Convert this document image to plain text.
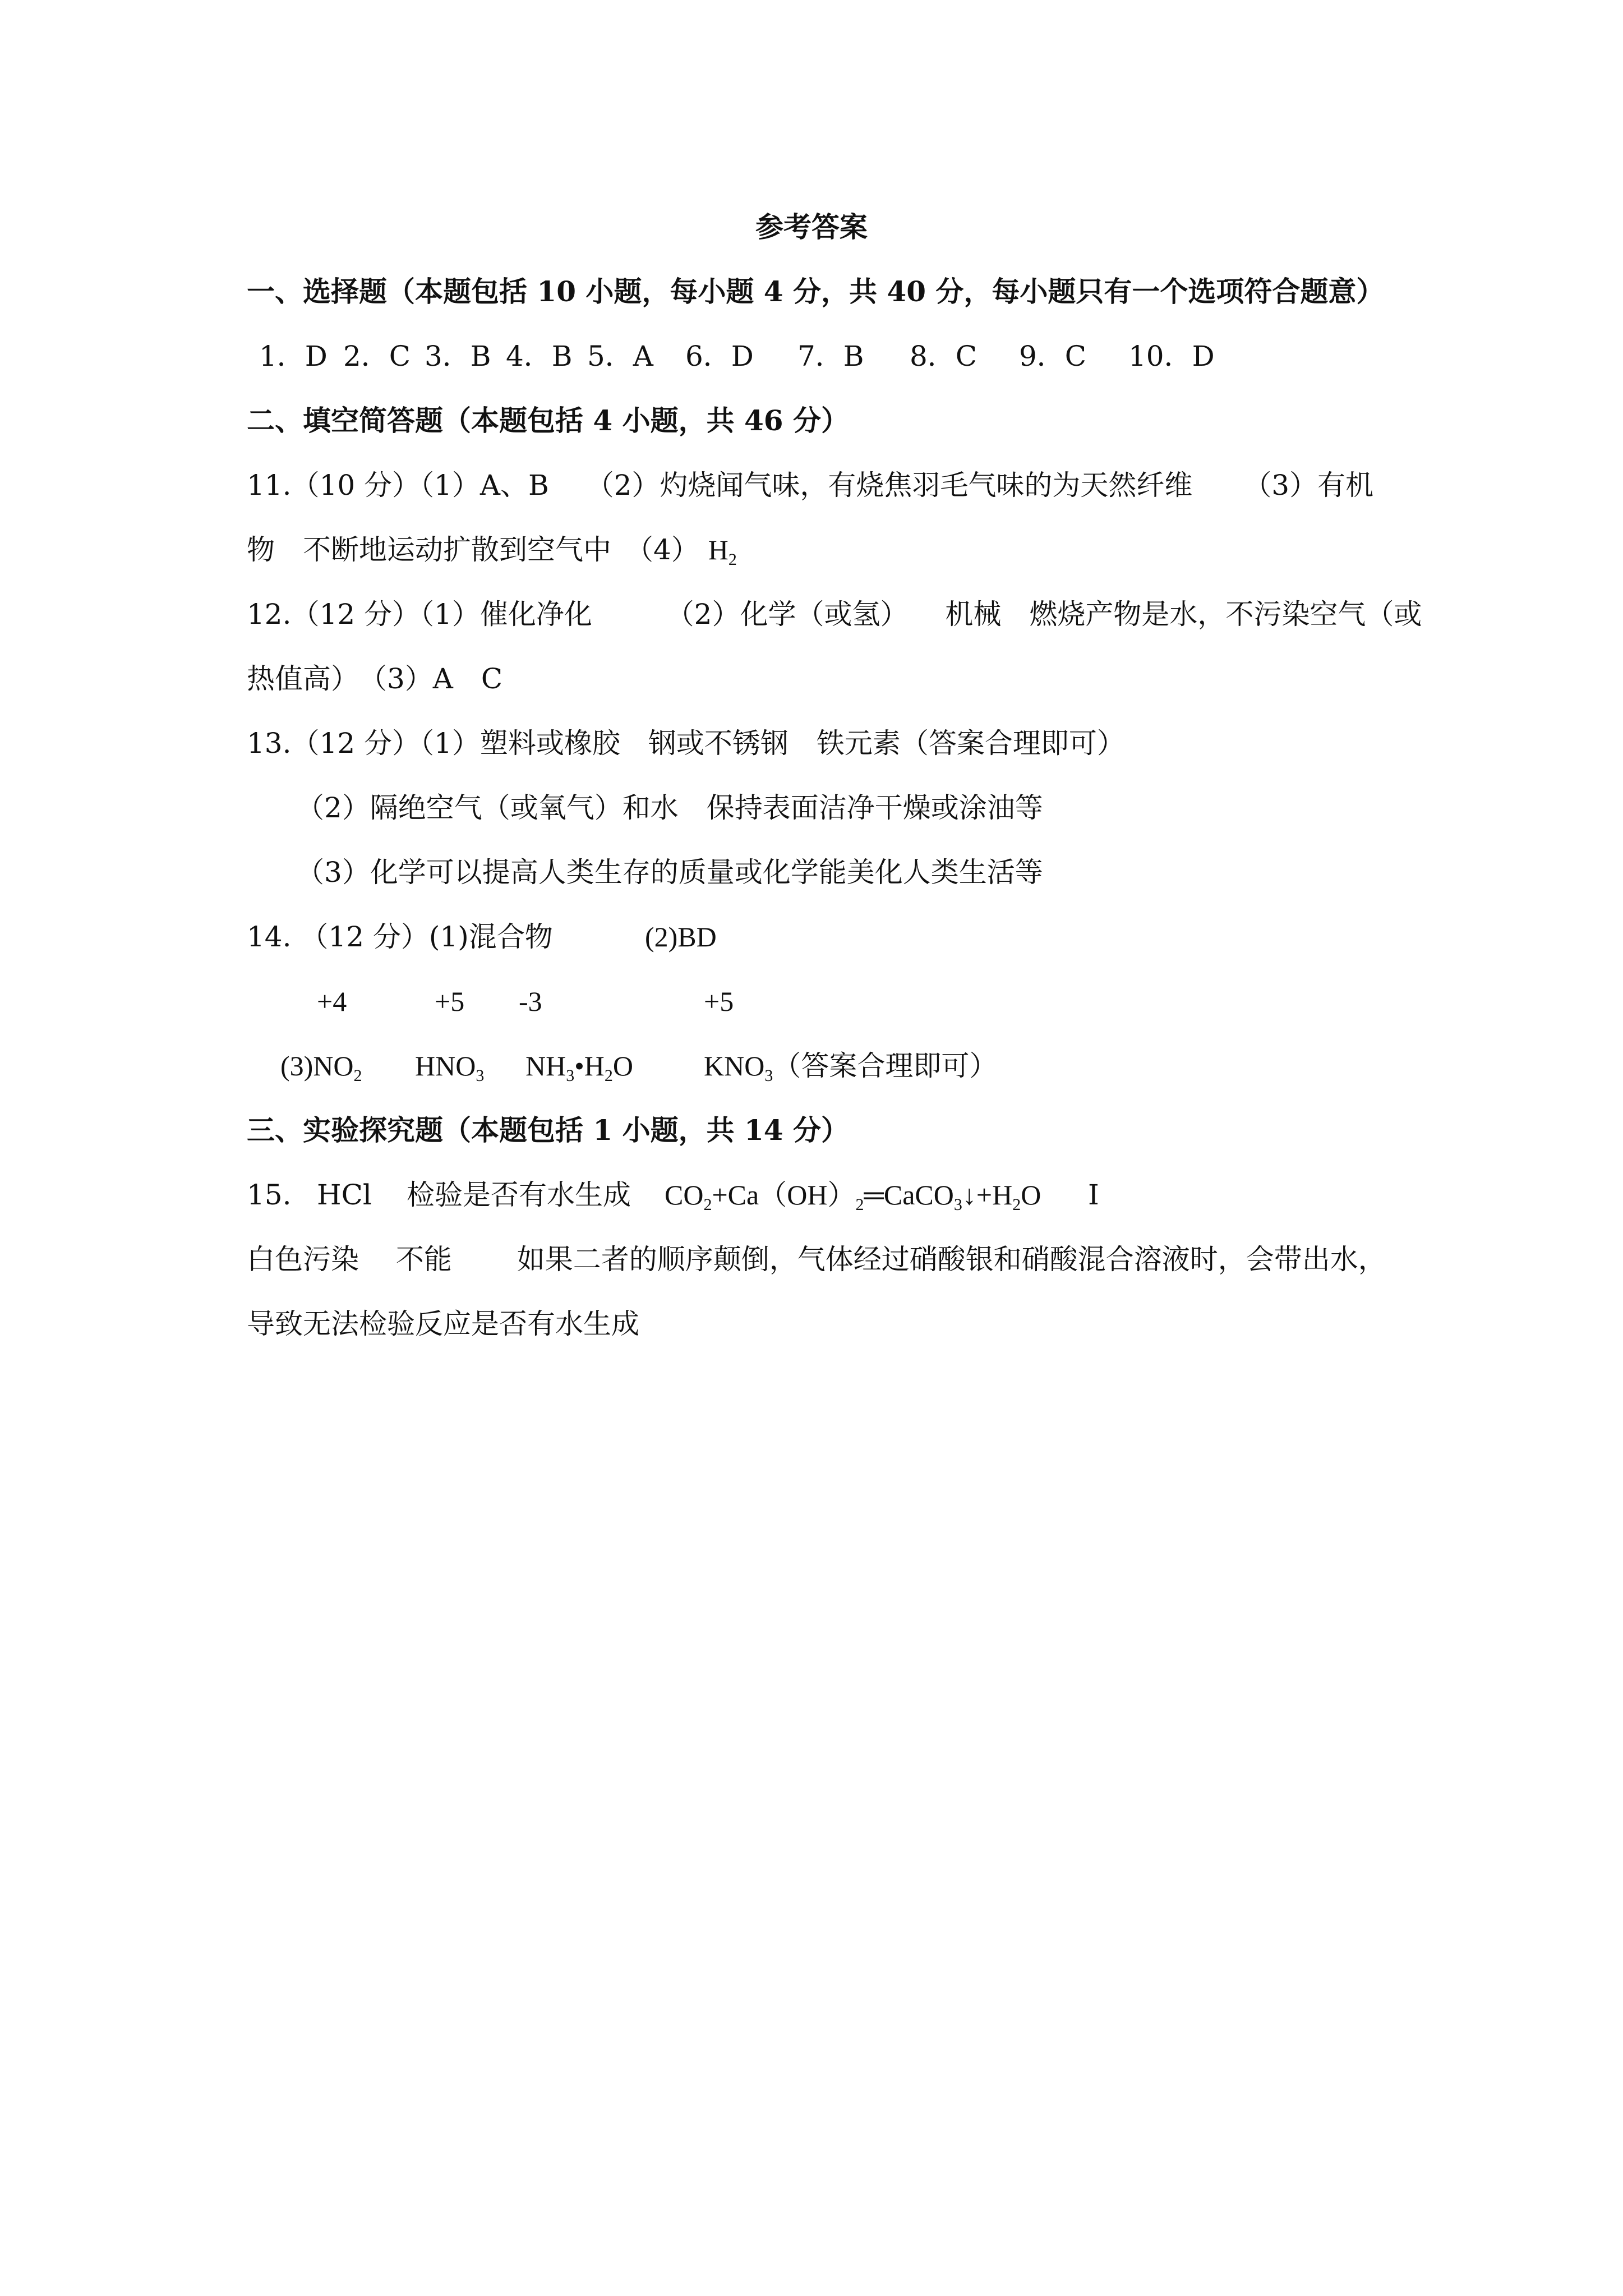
参考答案
一、选择题（本题包括 10 小题，每小题 4 分，共 40 分，每小题只有一个选项符合题意）
1．D 2．C 3．B 4．B 5．A 6．D 7．B 8．C 9．C 10．D
二、填空简答题（本题包括 4 小题，共 46 分）
11.（10 分）（1）A、B　 （2）灼烧闻气味，有烧焦羽毛气味的为天然纤维 　　（3）有机
物　不断地运动扩散到空气中　（4） $H_2$
12.（12 分）（1）催化净化 　　 （2）化学（或氢） 　机械　燃烧产物是水，不污染空气（或
热值高）　（3）A　C
13.（12 分）（1）塑料或橡胶　钢或不锈钢　铁元素（答案合理即可）
（2）隔绝空气（或氧气）和水　保持表面洁净干燥或涂油等
（3）化学可以提高人类生存的质量或化学能美化人类生活等
14. （12 分）(1)混合物	(2)BD
+4	+5 -3	+5
$(3)NO_2$ $HNO_3$ $NH_3•H_2O$	$KNO_3$（答案合理即可）
三、实验探究题（本题包括 1 小题，共 14 分）
15. HCl 检验是否有水生成 $CO_2+Ca(OH)_2═CaCO_3↓+H_2O$ Ⅰ
白色污染　 不能　 　如果二者的顺序颠倒，气体经过硝酸银和硝酸混合溶液时，会带出水，
导致无法检验反应是否有水生成
